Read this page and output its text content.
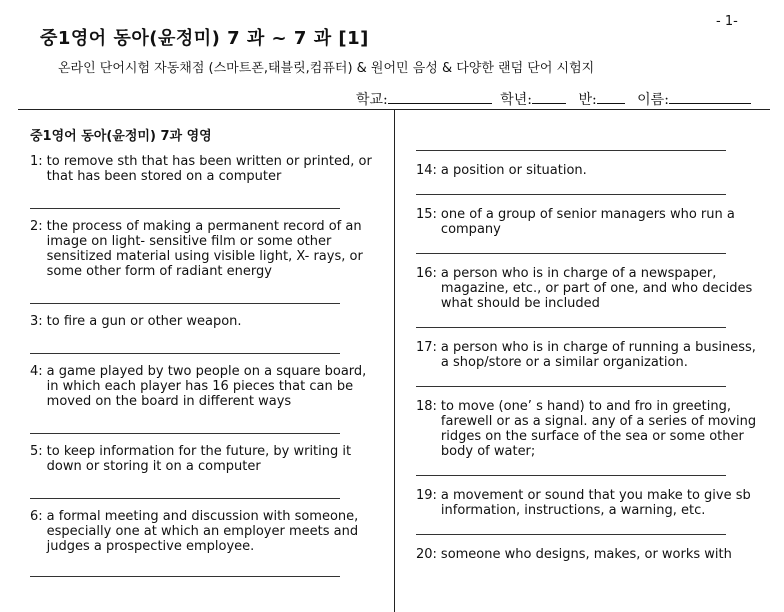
- 1-
중1영어 동아(윤정미) 7 과 ~ 7 과 [1]
온라인 단어시험 자동채점 (스마트폰,태블릿,컴퓨터) & 원어민 음성 & 다양한 랜덤 단어 시험지
학교:	학년:	반:	이름:
중1영어 동아(윤정미) 7과 영영
1: to remove sth that has been written or printed, or that has been stored on a computer
2: the process of making a permanent record of an image on light- sensitive film or some other sensitized material using visible light, X- rays, or some other form of radiant energy
3: to fire a gun or other weapon.
4: a game played by two people on a square board, in which each player has 16 pieces that can be moved on the board in different ways
5: to keep information for the future, by writing it down or storing it on a computer
6: a formal meeting and discussion with someone, especially one at which an employer meets and judges a prospective employee.
14: a position or situation.
15: one of a group of senior managers who run a company
16: a person who is in charge of a newspaper, magazine, etc., or part of one, and who decides what should be included
17: a person who is in charge of running a business, a shop/store or a similar organization.
18: to move (one’ s hand) to and fro in greeting, farewell or as a signal. any of a series of moving ridges on the surface of the sea or some other body of water;
19: a movement or sound that you make to give sb information, instructions, a warning, etc.
20: someone who designs, makes, or works with
